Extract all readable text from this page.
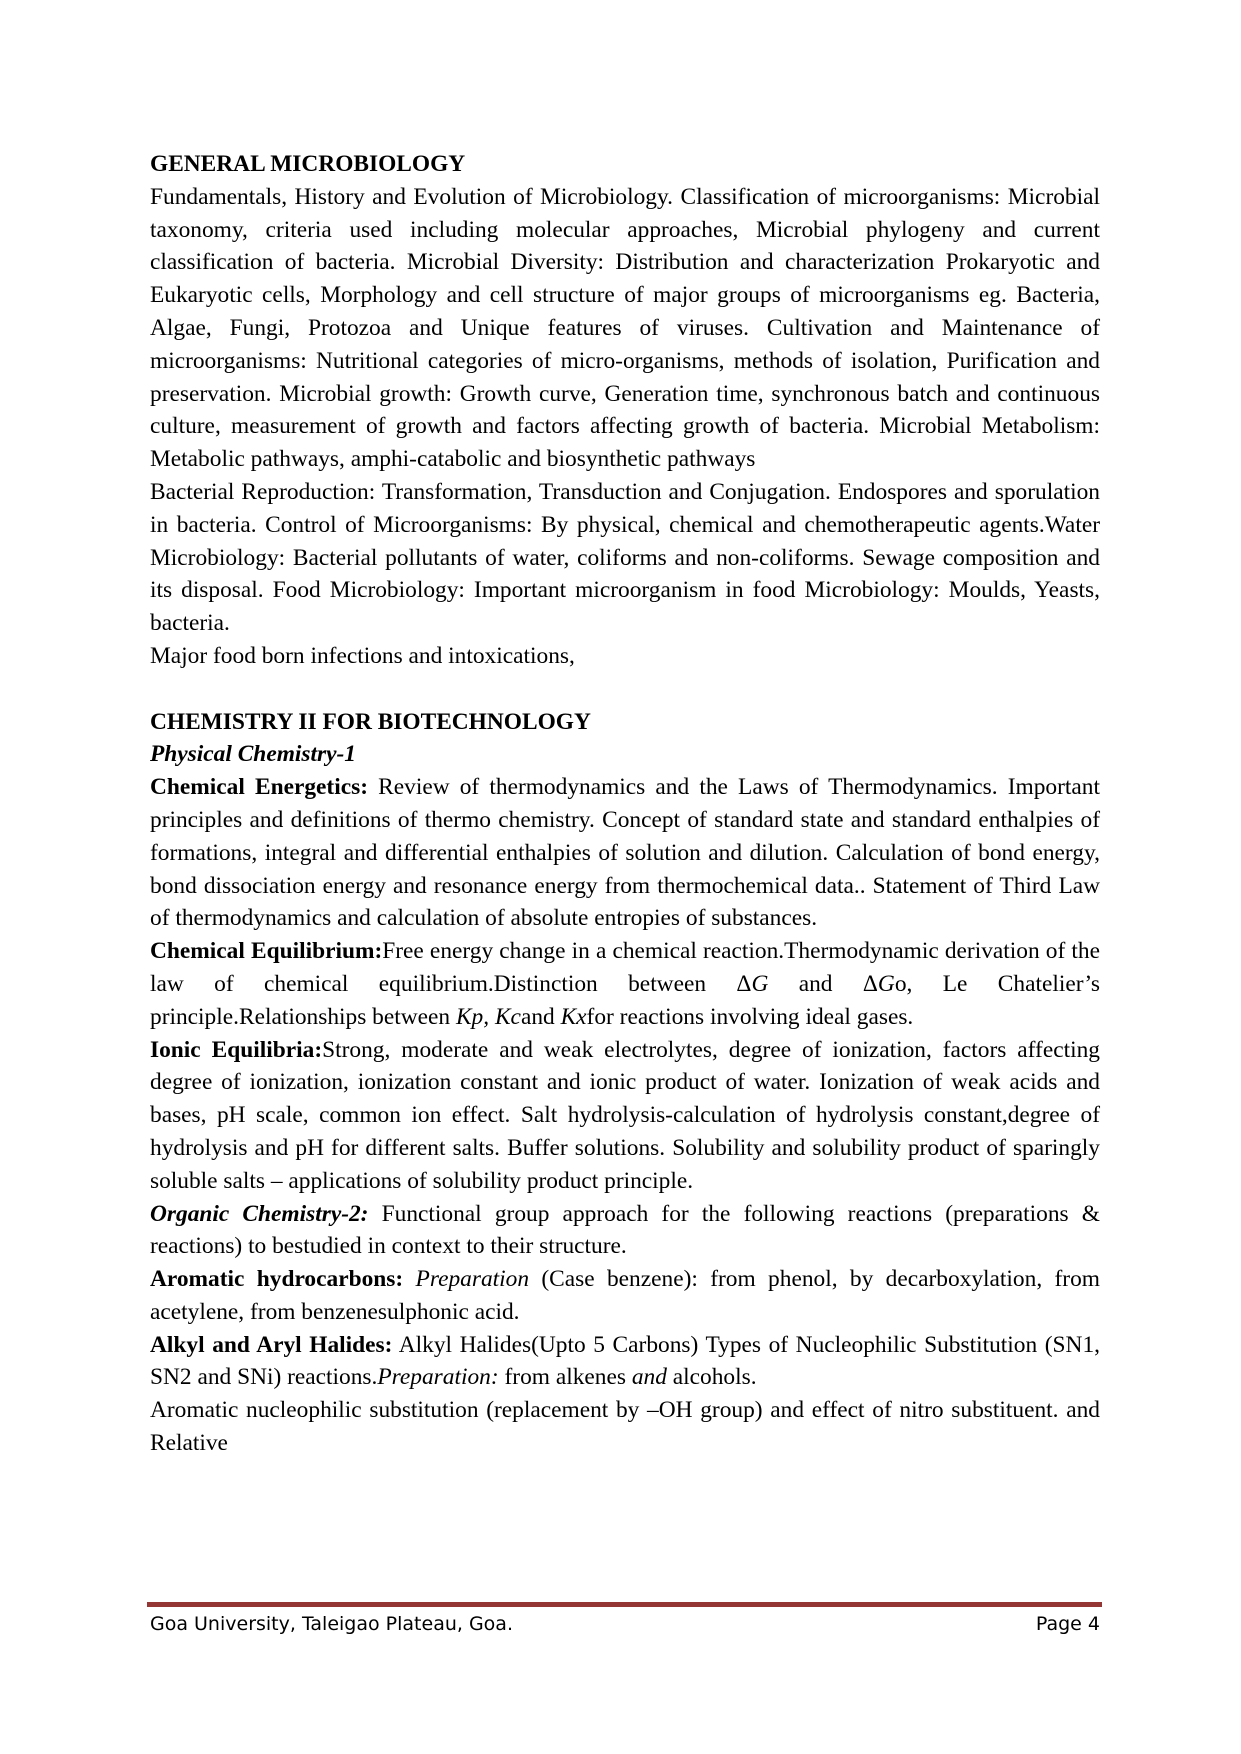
GENERAL MICROBIOLOGY

Fundamentals, History and Evolution of Microbiology. Classification of microorganisms: Microbial taxonomy, criteria used including molecular approaches, Microbial phylogeny and current classification of bacteria. Microbial Diversity: Distribution and characterization Prokaryotic and Eukaryotic cells, Morphology and cell structure of major groups of microorganisms eg. Bacteria, Algae, Fungi, Protozoa and Unique features of viruses. Cultivation and Maintenance of microorganisms: Nutritional categories of micro-organisms, methods of isolation, Purification and preservation. Microbial growth: Growth curve, Generation time, synchronous batch and continuous culture, measurement of growth and factors affecting growth of bacteria. Microbial Metabolism: Metabolic pathways, amphi-catabolic and biosynthetic pathways

Bacterial Reproduction: Transformation, Transduction and Conjugation. Endospores and sporulation in bacteria. Control of Microorganisms: By physical, chemical and chemotherapeutic agents.Water Microbiology: Bacterial pollutants of water, coliforms and non-coliforms. Sewage composition and its disposal. Food Microbiology: Important microorganism in food Microbiology: Moulds, Yeasts, bacteria.

Major food born infections and intoxications,

CHEMISTRY II FOR BIOTECHNOLOGY

Physical Chemistry-1

Chemical Energetics: Review of thermodynamics and the Laws of Thermodynamics. Important principles and definitions of thermo chemistry. Concept of standard state and standard enthalpies of formations, integral and differential enthalpies of solution and dilution. Calculation of bond energy, bond dissociation energy and resonance energy from thermochemical data.. Statement of Third Law of thermodynamics and calculation of absolute entropies of substances.

Chemical Equilibrium:Free energy change in a chemical reaction.Thermodynamic derivation of the law of chemical equilibrium.Distinction between ΔG and ΔGo, Le Chatelier’s principle.Relationships between Kp, Kcand Kxfor reactions involving ideal gases.

Ionic Equilibria:Strong, moderate and weak electrolytes, degree of ionization, factors affecting degree of ionization, ionization constant and ionic product of water. Ionization of weak acids and bases, pH scale, common ion effect. Salt hydrolysis-calculation of hydrolysis constant,degree of hydrolysis and pH for different salts. Buffer solutions. Solubility and solubility product of sparingly soluble salts – applications of solubility product principle.

Organic Chemistry-2: Functional group approach for the following reactions (preparations & reactions) to bestudied in context to their structure.

Aromatic hydrocarbons: Preparation (Case benzene): from phenol, by decarboxylation, from acetylene, from benzenesulphonic acid.

Alkyl and Aryl Halides: Alkyl Halides(Upto 5 Carbons) Types of Nucleophilic Substitution (SN1, SN2 and SNi) reactions.Preparation: from alkenes and alcohols.

Aromatic nucleophilic substitution (replacement by –OH group) and effect of nitro substituent. and Relative

Goa University, Taleigao Plateau, Goa.	Page 4
